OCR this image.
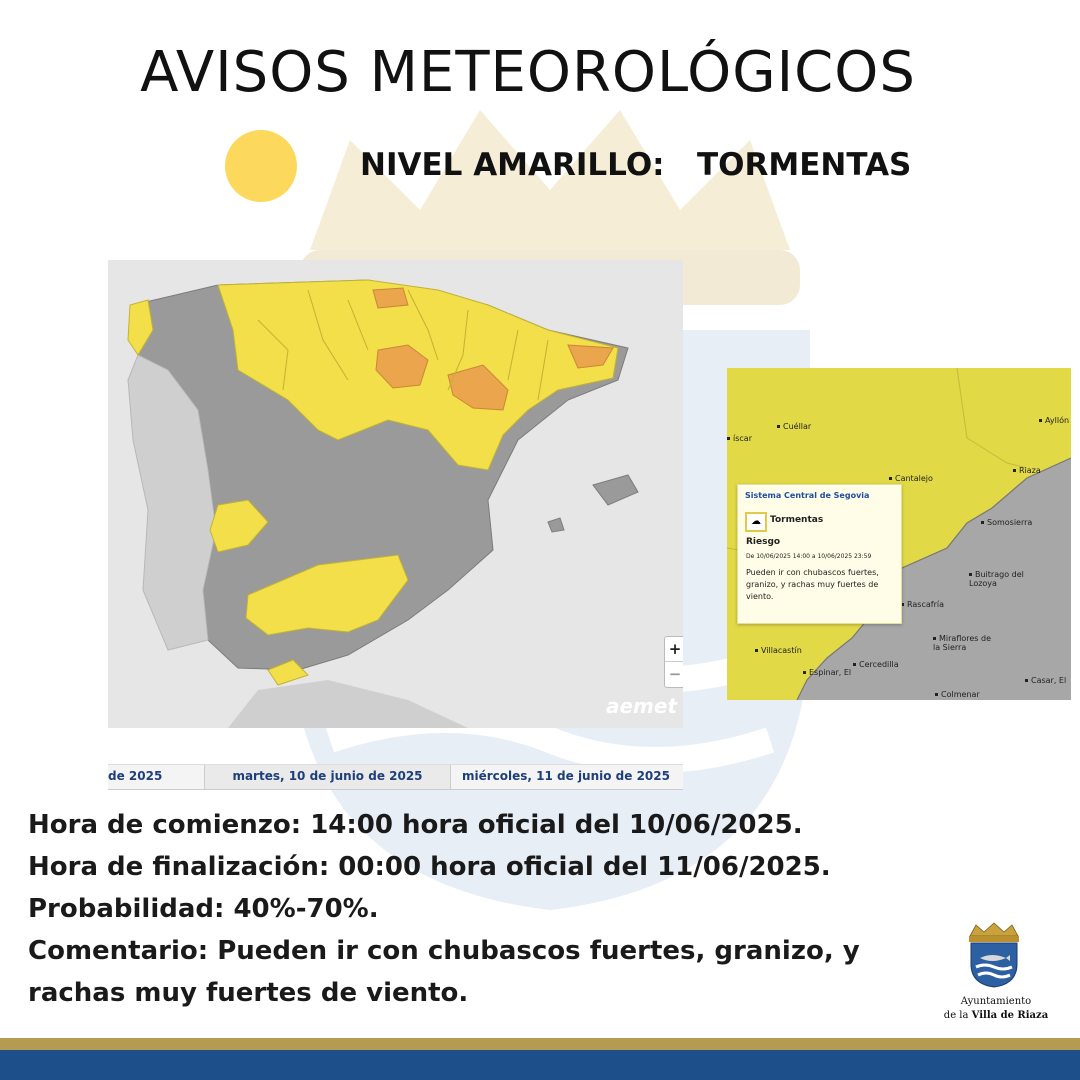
AVISOS METEOROLÓGICOS
NIVEL AMARILLO: TORMENTAS
+
−
aemet
de 2025	martes, 10 de junio de 2025	miércoles, 11 de junio de 2025
Cuéllar
Ayllón
íscar
Cantalejo
Riaza
Somosierra
Buitrago del Lozoya
Rascafría
Miraflores de la Sierra
Villacastín
Cercedilla
Espinar, El
Casar, El
Colmenar
Sistema Central de Segovia
☁	Tormentas
Riesgo
De 10/06/2025 14:00 a 10/06/2025 23:59
Pueden ir con chubascos fuertes, granizo, y rachas muy fuertes de viento.

Hora de comienzo: 14:00 hora oficial del 10/06/2025.

Hora de finalización: 00:00 hora oficial del 11/06/2025.

Probabilidad: 40%-70%.

Comentario: Pueden ir con chubascos fuertes, granizo, y

rachas muy fuertes de viento.	Ayuntamiento
de la Villa de Riaza
